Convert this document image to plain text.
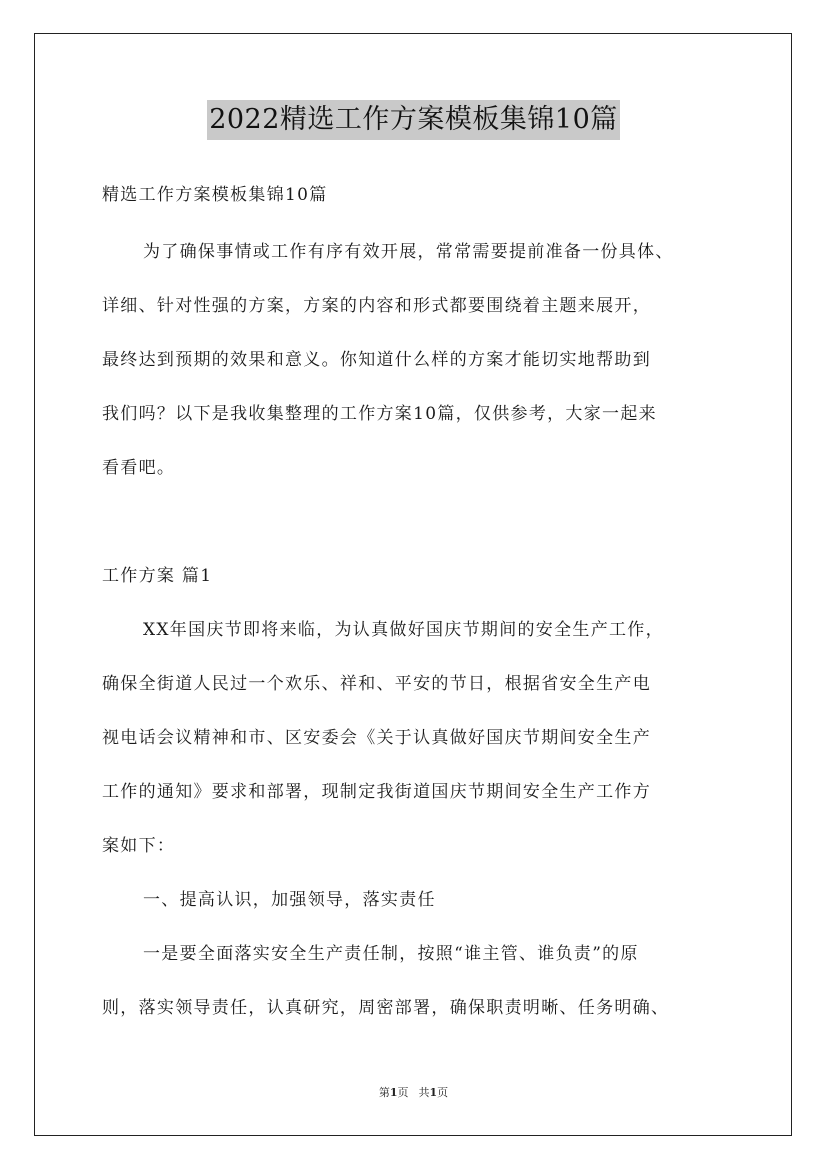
2022精选工作方案模板集锦10篇
精选工作方案模板集锦10篇
为了确保事情或工作有序有效开展，常常需要提前准备一份具体、
详细、针对性强的方案，方案的内容和形式都要围绕着主题来展开，
最终达到预期的效果和意义。你知道什么样的方案才能切实地帮助到
我们吗？以下是我收集整理的工作方案10篇，仅供参考，大家一起来
看看吧。
工作方案 篇1
XX年国庆节即将来临，为认真做好国庆节期间的安全生产工作，
确保全街道人民过一个欢乐、祥和、平安的节日，根据省安全生产电
视电话会议精神和市、区安委会《关于认真做好国庆节期间安全生产
工作的通知》要求和部署，现制定我街道国庆节期间安全生产工作方
案如下：
一、提高认识，加强领导，落实责任
一是要全面落实安全生产责任制，按照“谁主管、谁负责”的原
则，落实领导责任，认真研究，周密部署，确保职责明晰、任务明确、
第1页 共1页
